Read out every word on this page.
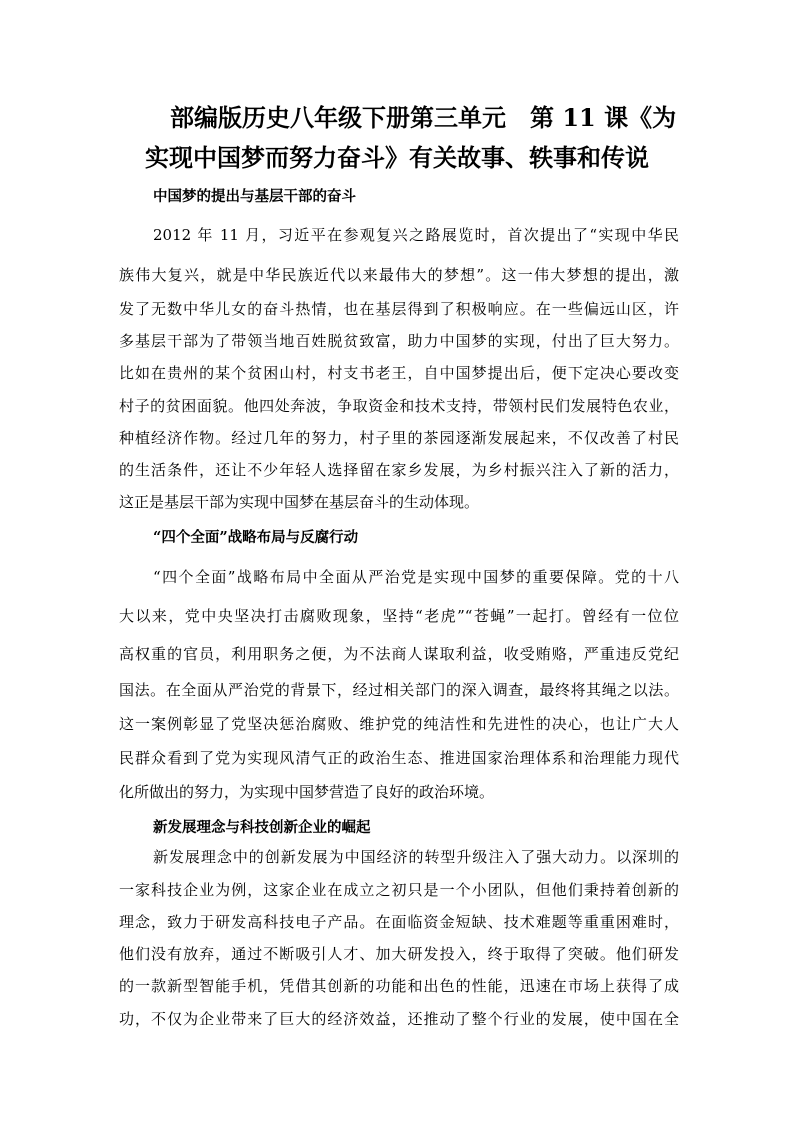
部编版历史八年级下册第三单元　第 11 课《为
实现中国梦而努力奋斗》有关故事、轶事和传说
中国梦的提出与基层干部的奋斗
2012 年 11 月，习近平在参观复兴之路展览时，首次提出了“实现中华民
族伟大复兴，就是中华民族近代以来最伟大的梦想”。这一伟大梦想的提出，激
发了无数中华儿女的奋斗热情，也在基层得到了积极响应。在一些偏远山区，许
多基层干部为了带领当地百姓脱贫致富，助力中国梦的实现，付出了巨大努力。
比如在贵州的某个贫困山村，村支书老王，自中国梦提出后，便下定决心要改变
村子的贫困面貌。他四处奔波，争取资金和技术支持，带领村民们发展特色农业，
种植经济作物。经过几年的努力，村子里的茶园逐渐发展起来，不仅改善了村民
的生活条件，还让不少年轻人选择留在家乡发展，为乡村振兴注入了新的活力，
这正是基层干部为实现中国梦在基层奋斗的生动体现。
“四个全面”战略布局与反腐行动
“四个全面”战略布局中全面从严治党是实现中国梦的重要保障。党的十八
大以来，党中央坚决打击腐败现象，坚持“老虎”“苍蝇”一起打。曾经有一位位
高权重的官员，利用职务之便，为不法商人谋取利益，收受贿赂，严重违反党纪
国法。在全面从严治党的背景下，经过相关部门的深入调查，最终将其绳之以法。
这一案例彰显了党坚决惩治腐败、维护党的纯洁性和先进性的决心，也让广大人
民群众看到了党为实现风清气正的政治生态、推进国家治理体系和治理能力现代
化所做出的努力，为实现中国梦营造了良好的政治环境。
新发展理念与科技创新企业的崛起
新发展理念中的创新发展为中国经济的转型升级注入了强大动力。以深圳的
一家科技企业为例，这家企业在成立之初只是一个小团队，但他们秉持着创新的
理念，致力于研发高科技电子产品。在面临资金短缺、技术难题等重重困难时，
他们没有放弃，通过不断吸引人才、加大研发投入，终于取得了突破。他们研发
的一款新型智能手机，凭借其创新的功能和出色的性能，迅速在市场上获得了成
功，不仅为企业带来了巨大的经济效益，还推动了整个行业的发展，使中国在全
